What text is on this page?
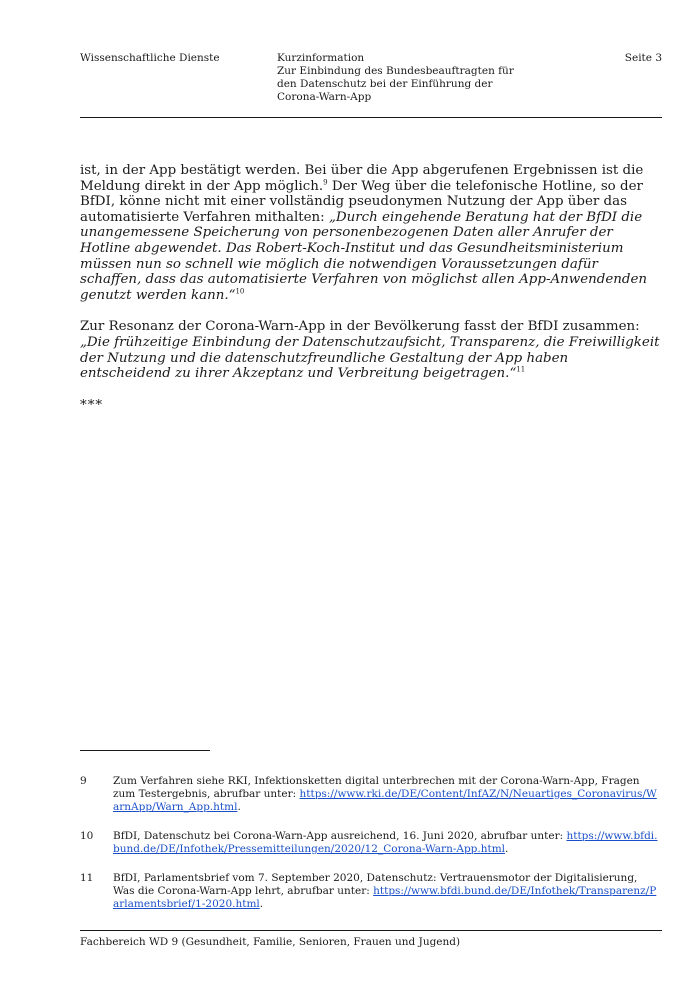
Wissenschaftliche Dienste	Kurzinformation
Zur Einbindung des Bundesbeauftragten für den Datenschutz bei der Einführung der Corona-Warn-App
Seite 3

ist, in der App bestätigt werden. Bei über die App abgerufenen Ergebnissen ist die Meldung direkt in der App möglich.$^9$ Der Weg über die telefonische Hotline, so der BfDI, könne nicht mit einer vollständig pseudonymen Nutzung der App über das automatisierte Verfahren mithalten: „Durch eingehende Beratung hat der BfDI die unangemessene Speicherung von personenbezogenen Daten aller Anrufer der Hotline abgewendet. Das Robert-Koch-Institut und das Gesundheitsministerium müssen nun so schnell wie möglich die notwendigen Voraussetzungen dafür schaffen, dass das automatisierte Verfahren von möglichst allen App-Anwendenden genutzt werden kann.“$^{10}$

Zur Resonanz der Corona-Warn-App in der Bevölkerung fasst der BfDI zusammen: „Die frühzeitige Einbindung der Datenschutzaufsicht, Transparenz, die Freiwilligkeit der Nutzung und die datenschutzfreundliche Gestaltung der App haben entscheidend zu ihrer Akzeptanz und Verbreitung beigetragen.“$^{11}$

***
9	Zum Verfahren siehe RKI, Infektionsketten digital unterbrechen mit der Corona-Warn-App, Fragen zum Testergebnis, abrufbar unter: https://www.rki.de/DE/Content/InfAZ/N/Neuartiges_Coronavirus/WarnApp/Warn_App.html.
10	BfDI, Datenschutz bei Corona-Warn-App ausreichend, 16. Juni 2020, abrufbar unter: https://www.bfdi.bund.de/DE/Infothek/Pressemitteilungen/2020/12_Corona-Warn-App.html.
11	BfDI, Parlamentsbrief vom 7. September 2020, Datenschutz: Vertrauensmotor der Digitalisierung, Was die Corona-Warn-App lehrt, abrufbar unter: https://www.bfdi.bund.de/DE/Infothek/Transparenz/Parlamentsbrief/1-2020.html.
Fachbereich WD 9 (Gesundheit, Familie, Senioren, Frauen und Jugend)
